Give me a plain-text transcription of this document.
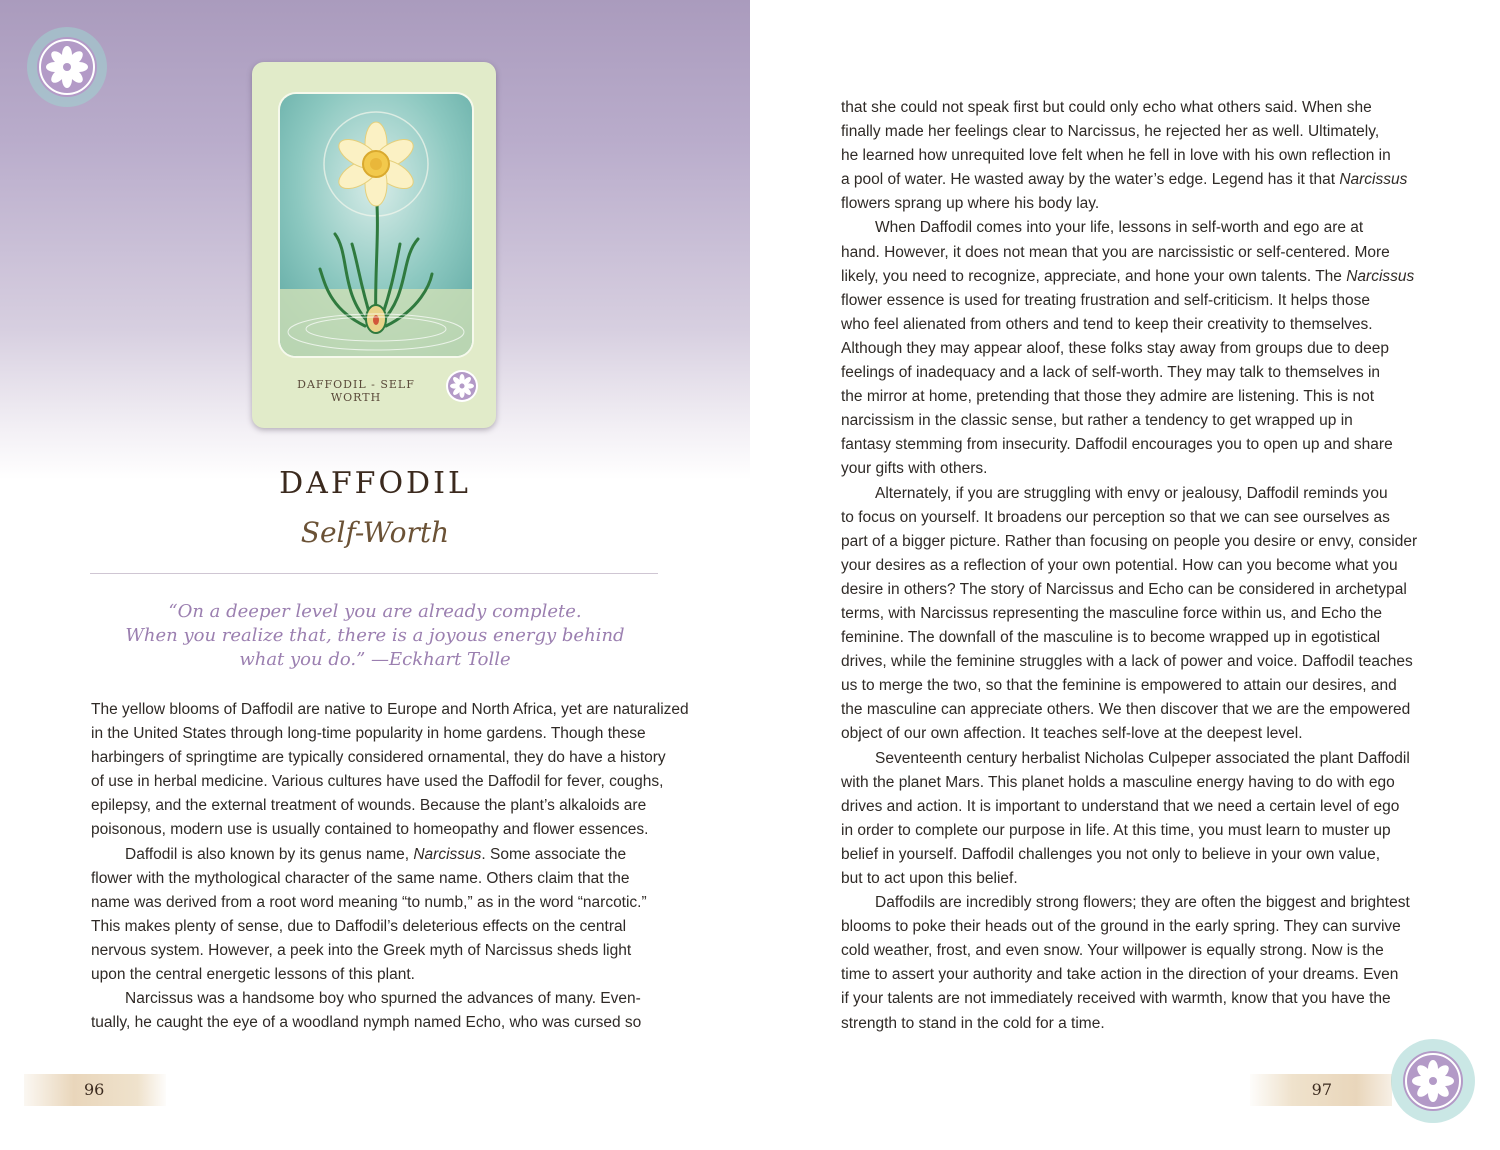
DAFFODIL - SELF WORTH
DAFFODIL
Self-Worth
“On a deeper level you are already complete.
When you realize that, there is a joyous energy behind
what you do.” —Eckhart Tolle
The yellow blooms of Daffodil are native to Europe and North Africa, yet are naturalized
in the United States through long-time popularity in home gardens. Though these
harbingers of springtime are typically considered ornamental, they do have a history
of use in herbal medicine. Various cultures have used the Daffodil for fever, coughs,
epilepsy, and the external treatment of wounds. Because the plant’s alkaloids are
poisonous, modern use is usually contained to homeopathy and flower essences.
Daffodil is also known by its genus name, Narcissus. Some associate the
flower with the mythological character of the same name. Others claim that the
name was derived from a root word meaning “to numb,” as in the word “narcotic.”
This makes plenty of sense, due to Daffodil’s deleterious effects on the central
nervous system. However, a peek into the Greek myth of Narcissus sheds light
upon the central energetic lessons of this plant.
Narcissus was a handsome boy who spurned the advances of many. Even-
tually, he caught the eye of a woodland nymph named Echo, who was cursed so
96
that she could not speak first but could only echo what others said. When she
finally made her feelings clear to Narcissus, he rejected her as well. Ultimately,
he learned how unrequited love felt when he fell in love with his own reflection in
a pool of water. He wasted away by the water’s edge. Legend has it that Narcissus
flowers sprang up where his body lay.
When Daffodil comes into your life, lessons in self-worth and ego are at
hand. However, it does not mean that you are narcissistic or self-centered. More
likely, you need to recognize, appreciate, and hone your own talents. The Narcissus
flower essence is used for treating frustration and self-criticism. It helps those
who feel alienated from others and tend to keep their creativity to themselves.
Although they may appear aloof, these folks stay away from groups due to deep
feelings of inadequacy and a lack of self-worth. They may talk to themselves in
the mirror at home, pretending that those they admire are listening. This is not
narcissism in the classic sense, but rather a tendency to get wrapped up in
fantasy stemming from insecurity. Daffodil encourages you to open up and share
your gifts with others.
Alternately, if you are struggling with envy or jealousy, Daffodil reminds you
to focus on yourself. It broadens our perception so that we can see ourselves as
part of a bigger picture. Rather than focusing on people you desire or envy, consider
your desires as a reflection of your own potential. How can you become what you
desire in others? The story of Narcissus and Echo can be considered in archetypal
terms, with Narcissus representing the masculine force within us, and Echo the
feminine. The downfall of the masculine is to become wrapped up in egotistical
drives, while the feminine struggles with a lack of power and voice. Daffodil teaches
us to merge the two, so that the feminine is empowered to attain our desires, and
the masculine can appreciate others. We then discover that we are the empowered
object of our own affection. It teaches self-love at the deepest level.
Seventeenth century herbalist Nicholas Culpeper associated the plant Daffodil
with the planet Mars. This planet holds a masculine energy having to do with ego
drives and action. It is important to understand that we need a certain level of ego
in order to complete our purpose in life. At this time, you must learn to muster up
belief in yourself. Daffodil challenges you not only to believe in your own value,
but to act upon this belief.
Daffodils are incredibly strong flowers; they are often the biggest and brightest
blooms to poke their heads out of the ground in the early spring. They can survive
cold weather, frost, and even snow. Your willpower is equally strong. Now is the
time to assert your authority and take action in the direction of your dreams. Even
if your talents are not immediately received with warmth, know that you have the
strength to stand in the cold for a time.
97
